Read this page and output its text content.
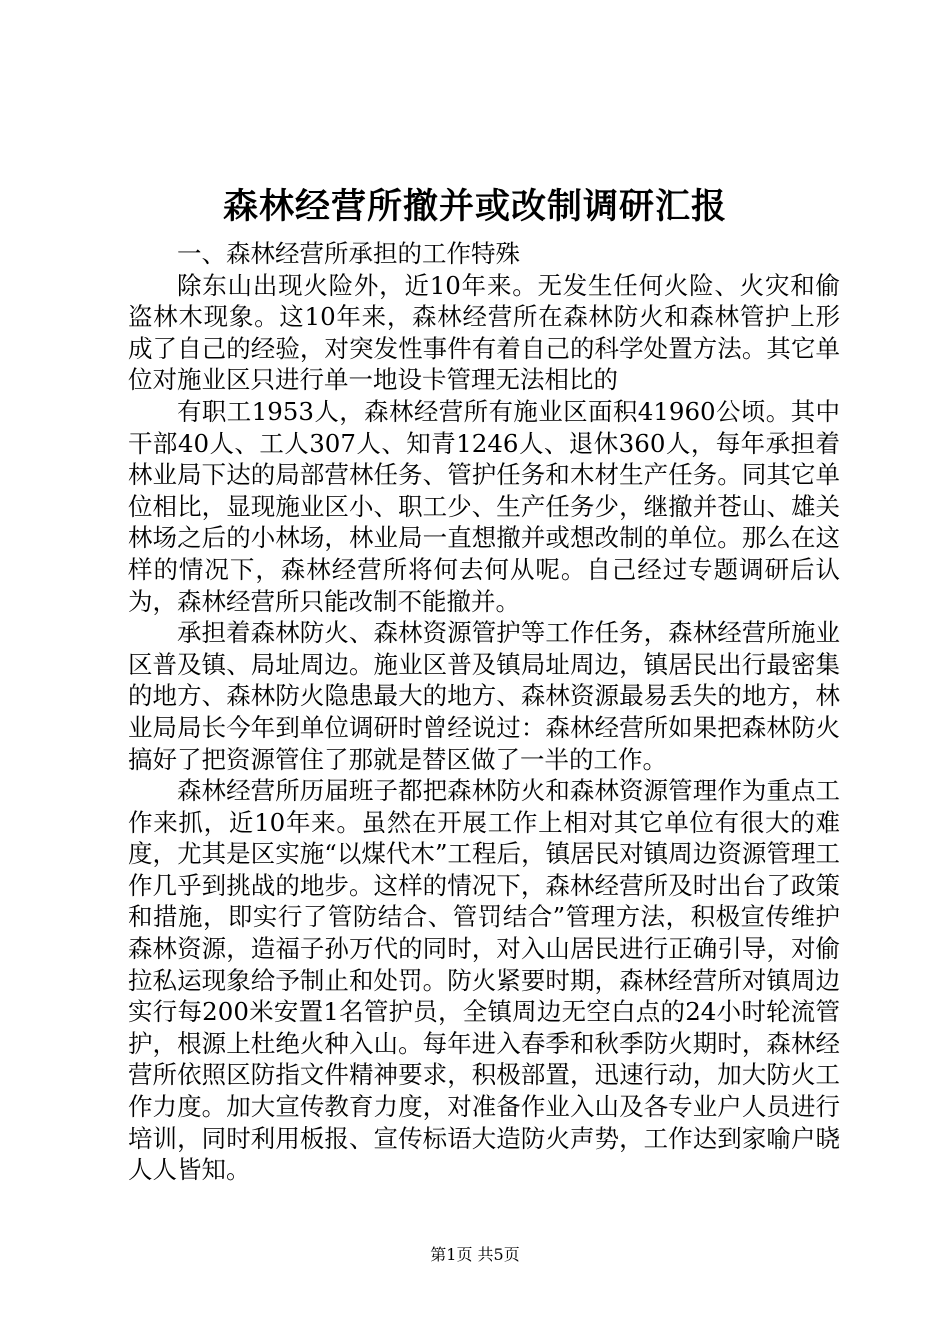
森林经营所撤并或改制调研汇报

一、森林经营所承担的工作特殊

除东山出现火险外，近10年来。无发生任何火险、火灾和偷盗林木现象。这10年来，森林经营所在森林防火和森林管护上形成了自己的经验，对突发性事件有着自己的科学处置方法。其它单位对施业区只进行单一地设卡管理无法相比的

有职工1953人，森林经营所有施业区面积41960公顷。其中干部40人、工人307人、知青1246人、退休360人，每年承担着林业局下达的局部营林任务、管护任务和木材生产任务。同其它单位相比，显现施业区小、职工少、生产任务少，继撤并苍山、雄关林场之后的小林场，林业局一直想撤并或想改制的单位。那么在这样的情况下，森林经营所将何去何从呢。自己经过专题调研后认为，森林经营所只能改制不能撤并。

承担着森林防火、森林资源管护等工作任务，森林经营所施业区普及镇、局址周边。施业区普及镇局址周边，镇居民出行最密集的地方、森林防火隐患最大的地方、森林资源最易丢失的地方，林业局局长今年到单位调研时曾经说过：森林经营所如果把森林防火搞好了把资源管住了那就是替区做了一半的工作。

森林经营所历届班子都把森林防火和森林资源管理作为重点工作来抓，近10年来。虽然在开展工作上相对其它单位有很大的难度，尤其是区实施“以煤代木”工程后，镇居民对镇周边资源管理工作几乎到挑战的地步。这样的情况下，森林经营所及时出台了政策和措施，即实行了管防结合、管罚结合”管理方法，积极宣传维护森林资源，造福子孙万代的同时，对入山居民进行正确引导，对偷拉私运现象给予制止和处罚。防火紧要时期，森林经营所对镇周边实行每200米安置1名管护员，全镇周边无空白点的24小时轮流管护，根源上杜绝火种入山。每年进入春季和秋季防火期时，森林经营所依照区防指文件精神要求，积极部置，迅速行动，加大防火工作力度。加大宣传教育力度，对准备作业入山及各专业户人员进行培训，同时利用板报、宣传标语大造防火声势，工作达到家喻户晓人人皆知。

第1页 共5页
